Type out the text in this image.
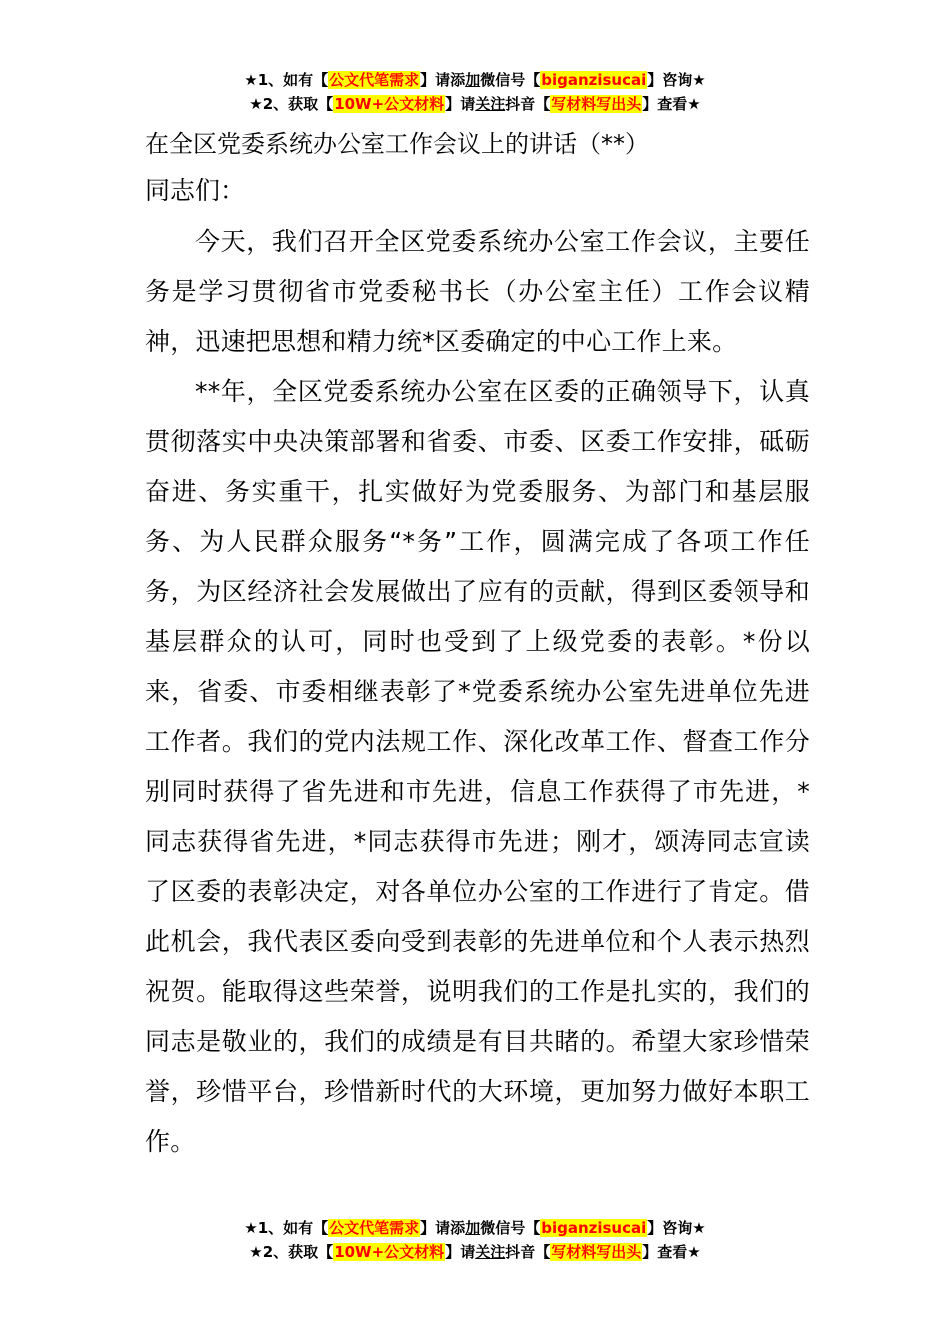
★1、如有【公文代笔需求】请添加微信号【biganzisucai】咨询★
★2、获取【10W+公文材料】请关注抖音【写材料写出头】查看★
在全区党委系统办公室工作会议上的讲话（**）
同志们：

今天，我们召开全区党委系统办公室工作会议，主要任务是学习贯彻省市党委秘书长（办公室主任）工作会议精神，迅速把思想和精力统*区委确定的中心工作上来。

**年，全区党委系统办公室在区委的正确领导下，认真贯彻落实中央决策部署和省委、市委、区委工作安排，砥砺奋进、务实重干，扎实做好为党委服务、为部门和基层服务、为人民群众服务“*务”工作，圆满完成了各项工作任务，为区经济社会发展做出了应有的贡献，得到区委领导和基层群众的认可，同时也受到了上级党委的表彰。*份以来，省委、市委相继表彰了*党委系统办公室先进单位先进工作者。我们的党内法规工作、深化改革工作、督查工作分别同时获得了省先进和市先进，信息工作获得了市先进，*同志获得省先进，*同志获得市先进；刚才，颂涛同志宣读了区委的表彰决定，对各单位办公室的工作进行了肯定。借此机会，我代表区委向受到表彰的先进单位和个人表示热烈祝贺。能取得这些荣誉，说明我们的工作是扎实的，我们的同志是敬业的，我们的成绩是有目共睹的。希望大家珍惜荣誉，珍惜平台，珍惜新时代的大环境，更加努力做好本职工作。

★1、如有【公文代笔需求】请添加微信号【biganzisucai】咨询★
★2、获取【10W+公文材料】请关注抖音【写材料写出头】查看★
